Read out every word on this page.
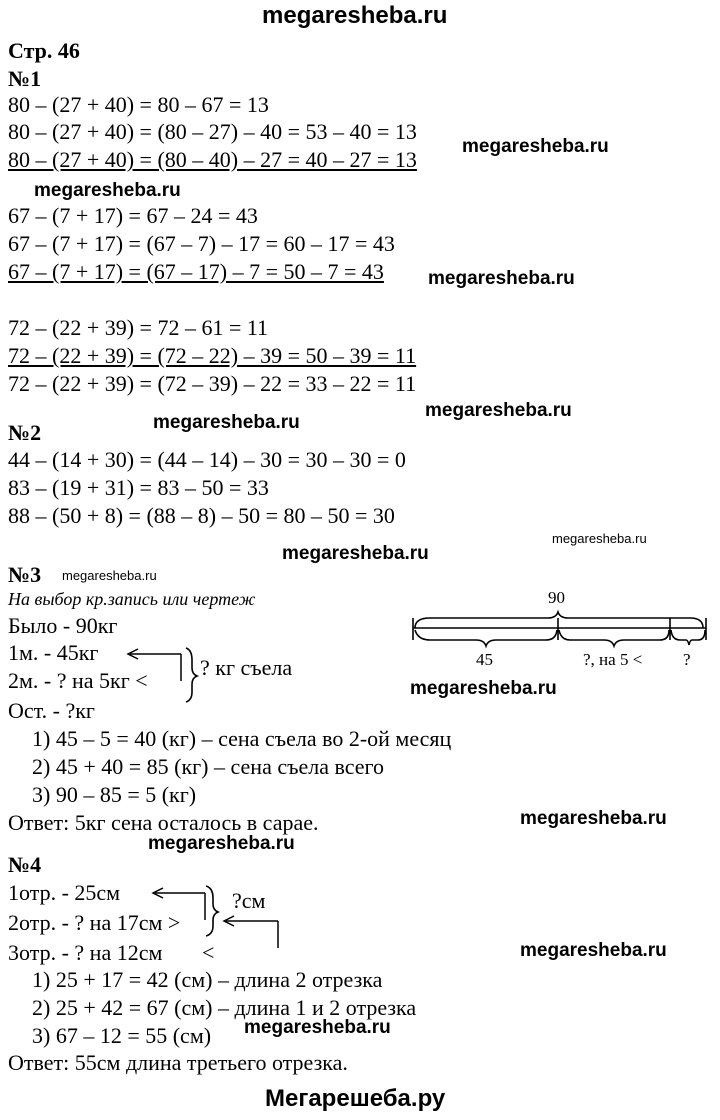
megaresheba.ru
Мегарешеба.ру
Стр. 46
№1
80 – (27 + 40) = 80 – 67 = 13
80 – (27 + 40) = (80 – 27) – 40 = 53 – 40 = 13
80 – (27 + 40) = (80 – 40) – 27 = 40 – 27 = 13
67 – (7 + 17) = 67 – 24 = 43
67 – (7 + 17) = (67 – 7) – 17 = 60 – 17 = 43
67 – (7 + 17) = (67 – 17) – 7 = 50 – 7 = 43
72 – (22 + 39) = 72 – 61 = 11
72 – (22 + 39) = (72 – 22) – 39 = 50 – 39 = 11
72 – (22 + 39) = (72 – 39) – 22 = 33 – 22 = 11
№2
44 – (14 + 30) = (44 – 14) – 30 = 30 – 30 = 0
83 – (19 + 31) = 83 – 50 = 33
88 – (50 + 8) = (88 – 8) – 50 = 80 – 50 = 30
№3
На выбор кр.запись или чертеж
Было - 90кг
1м. - 45кг
2м. - ? на 5кг <
? кг съела
Ост. - ?кг
1) 45 – 5 = 40 (кг) – сена съела во 2-ой месяц
2) 45 + 40 = 85 (кг) – сена съела всего
3) 90 – 85 = 5 (кг)
Ответ: 5кг сена осталось в сарае.
90
45	?, на 5 < ?
№4
1отр. - 25см
2отр. - ? на 17см >
3отр. - ? на 12см <
?см
1) 25 + 17 = 42 (см) – длина 2 отрезка
2) 25 + 42 = 67 (см) – длина 1 и 2 отрезка
3) 67 – 12 = 55 (см)
Ответ: 55см длина третьего отрезка.
megaresheba.ru
megaresheba.ru
megaresheba.ru
megaresheba.ru
megaresheba.ru
megaresheba.ru
megaresheba.ru
megaresheba.ru
megaresheba.ru
megaresheba.ru
megaresheba.ru
megaresheba.ru
megaresheba.ru
